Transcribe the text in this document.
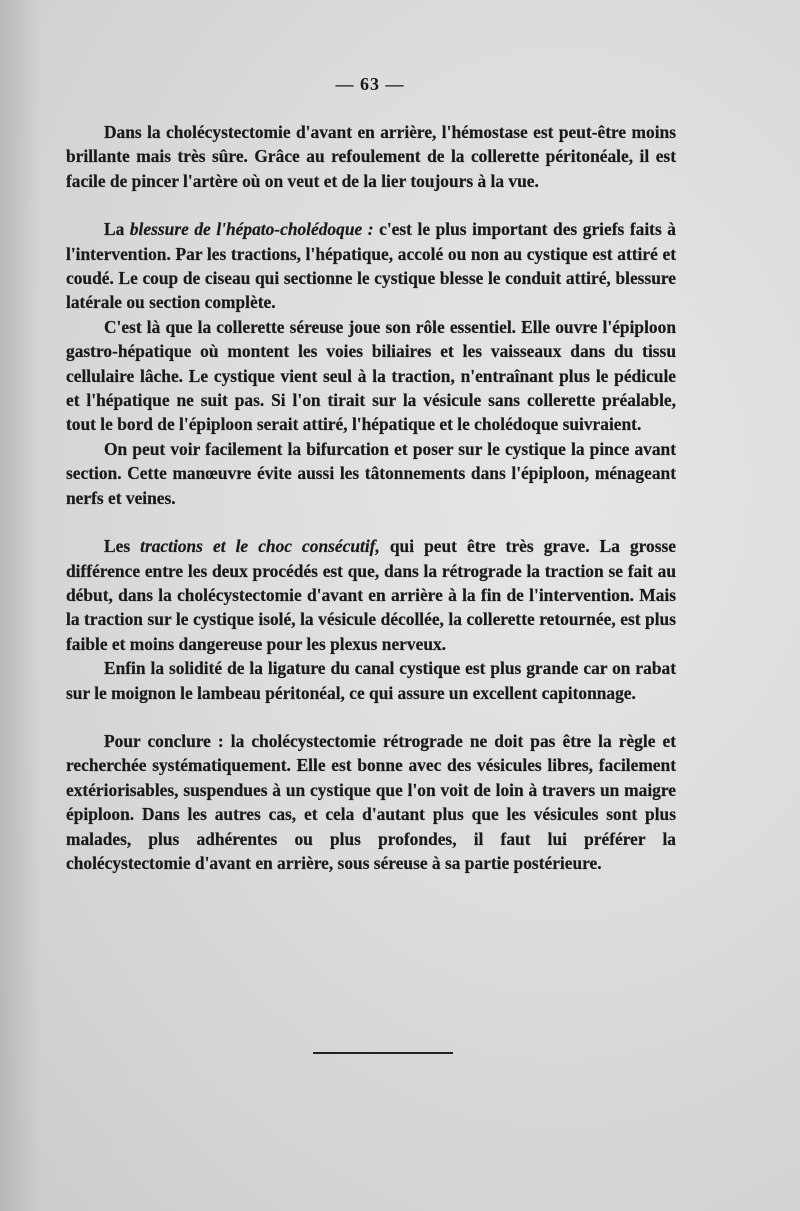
— 63 —

Dans la cholécystectomie d'avant en arrière, l'hémostase est peut-être moins brillante mais très sûre. Grâce au refoulement de la collerette péritonéale, il est facile de pincer l'artère où on veut et de la lier toujours à la vue.

La blessure de l'hépato-cholédoque : c'est le plus important des griefs faits à l'intervention. Par les tractions, l'hépatique, accolé ou non au cystique est attiré et coudé. Le coup de ciseau qui sectionne le cystique blesse le conduit attiré, blessure latérale ou section complète.

C'est là que la collerette séreuse joue son rôle essentiel. Elle ouvre l'épiploon gastro-hépatique où montent les voies biliaires et les vaisseaux dans du tissu cellulaire lâche. Le cystique vient seul à la traction, n'entraînant plus le pédicule et l'hépatique ne suit pas. Si l'on tirait sur la vésicule sans collerette préalable, tout le bord de l'épiploon serait attiré, l'hépatique et le cholédoque suivraient.

On peut voir facilement la bifurcation et poser sur le cystique la pince avant section. Cette manœuvre évite aussi les tâtonnements dans l'épiploon, ménageant nerfs et veines.

Les tractions et le choc consécutif, qui peut être très grave. La grosse différence entre les deux procédés est que, dans la rétrograde la traction se fait au début, dans la cholécystectomie d'avant en arrière à la fin de l'intervention. Mais la traction sur le cystique isolé, la vésicule décollée, la collerette retournée, est plus faible et moins dangereuse pour les plexus nerveux.

Enfin la solidité de la ligature du canal cystique est plus grande car on rabat sur le moignon le lambeau péritonéal, ce qui assure un excellent capitonnage.

Pour conclure : la cholécystectomie rétrograde ne doit pas être la règle et recherchée systématiquement. Elle est bonne avec des vésicules libres, facilement extériorisables, suspendues à un cystique que l'on voit de loin à travers un maigre épiploon. Dans les autres cas, et cela d'autant plus que les vésicules sont plus malades, plus adhérentes ou plus profondes, il faut lui préférer la cholécystectomie d'avant en arrière, sous séreuse à sa partie postérieure.
